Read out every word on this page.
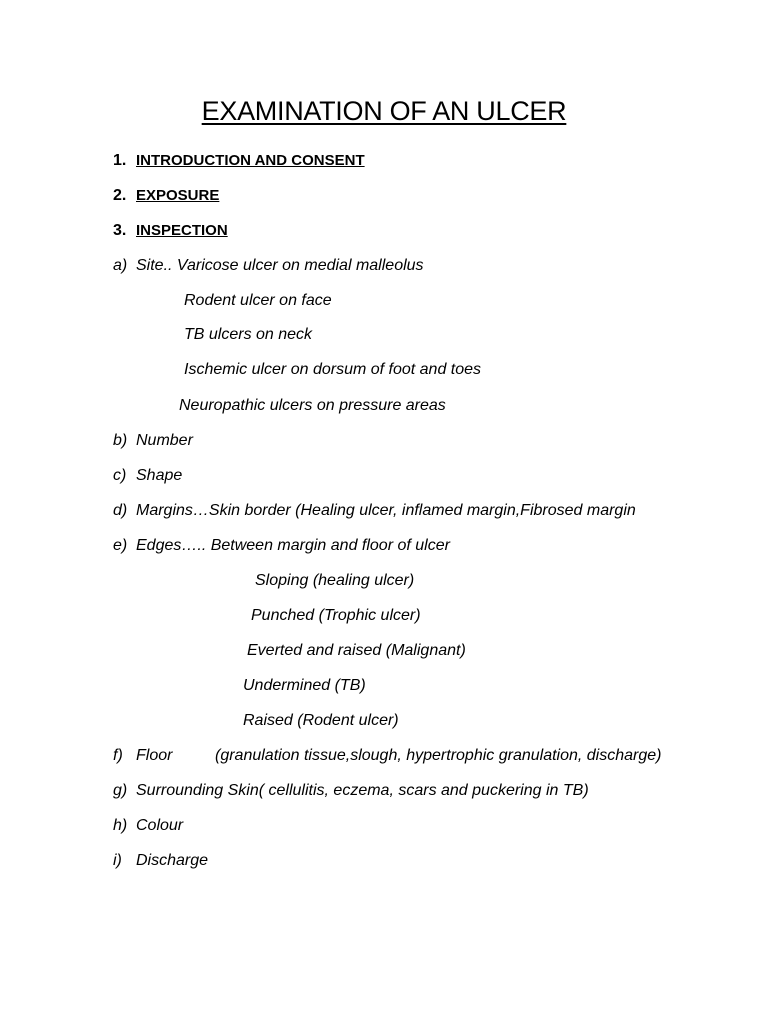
EXAMINATION OF AN ULCER
1. INTRODUCTION AND CONSENT
2. EXPOSURE
3. INSPECTION
a) Site.. Varicose ulcer on medial malleolus
Rodent ulcer on face
TB ulcers on neck
Ischemic ulcer on dorsum of foot and toes
Neuropathic ulcers on pressure areas
b) Number
c) Shape
d) Margins…Skin border (Healing ulcer, inflamed margin,Fibrosed margin
e) Edges….. Between margin and floor of ulcer
Sloping (healing ulcer)
Punched (Trophic ulcer)
Everted and raised (Malignant)
Undermined (TB)
Raised (Rodent ulcer)
f) Floor	(granulation tissue,slough, hypertrophic granulation, discharge)
g) Surrounding Skin( cellulitis, eczema, scars and puckering in TB)
h) Colour
i) Discharge
